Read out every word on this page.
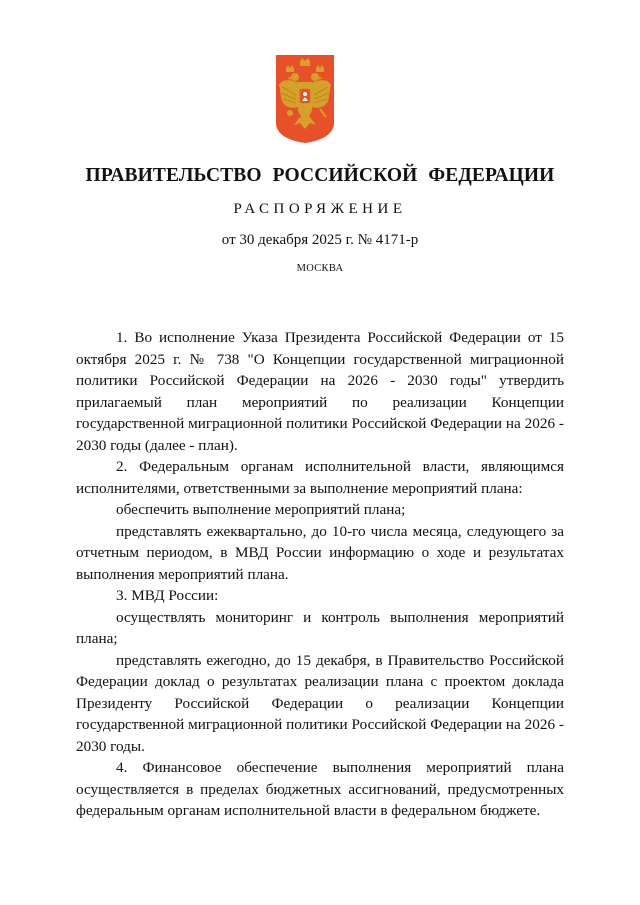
ПРАВИТЕЛЬСТВО РОССИЙСКОЙ ФЕДЕРАЦИИ
РАСПОРЯЖЕНИЕ
от 30 декабря 2025 г. № 4171-р
МОСКВА

1. Во исполнение Указа Президента Российской Федерации от 15 октября 2025 г. № 738 "О Концепции государственной миграционной политики Российской Федерации на 2026 - 2030 годы" утвердить прилагаемый план мероприятий по реализации Концепции государственной миграционной политики Российской Федерации на 2026 - 2030 годы (далее - план).

2. Федеральным органам исполнительной власти, являющимся исполнителями, ответственными за выполнение мероприятий плана:

обеспечить выполнение мероприятий плана;

представлять ежеквартально, до 10-го числа месяца, следующего за отчетным периодом, в МВД России информацию о ходе и результатах выполнения мероприятий плана.

3. МВД России:

осуществлять мониторинг и контроль выполнения мероприятий плана;

представлять ежегодно, до 15 декабря, в Правительство Российской Федерации доклад о результатах реализации плана с проектом доклада Президенту Российской Федерации о реализации Концепции государственной миграционной политики Российской Федерации на 2026 - 2030 годы.

4. Финансовое обеспечение выполнения мероприятий плана осуществляется в пределах бюджетных ассигнований, предусмотренных федеральным органам исполнительной власти в федеральном бюджете.
